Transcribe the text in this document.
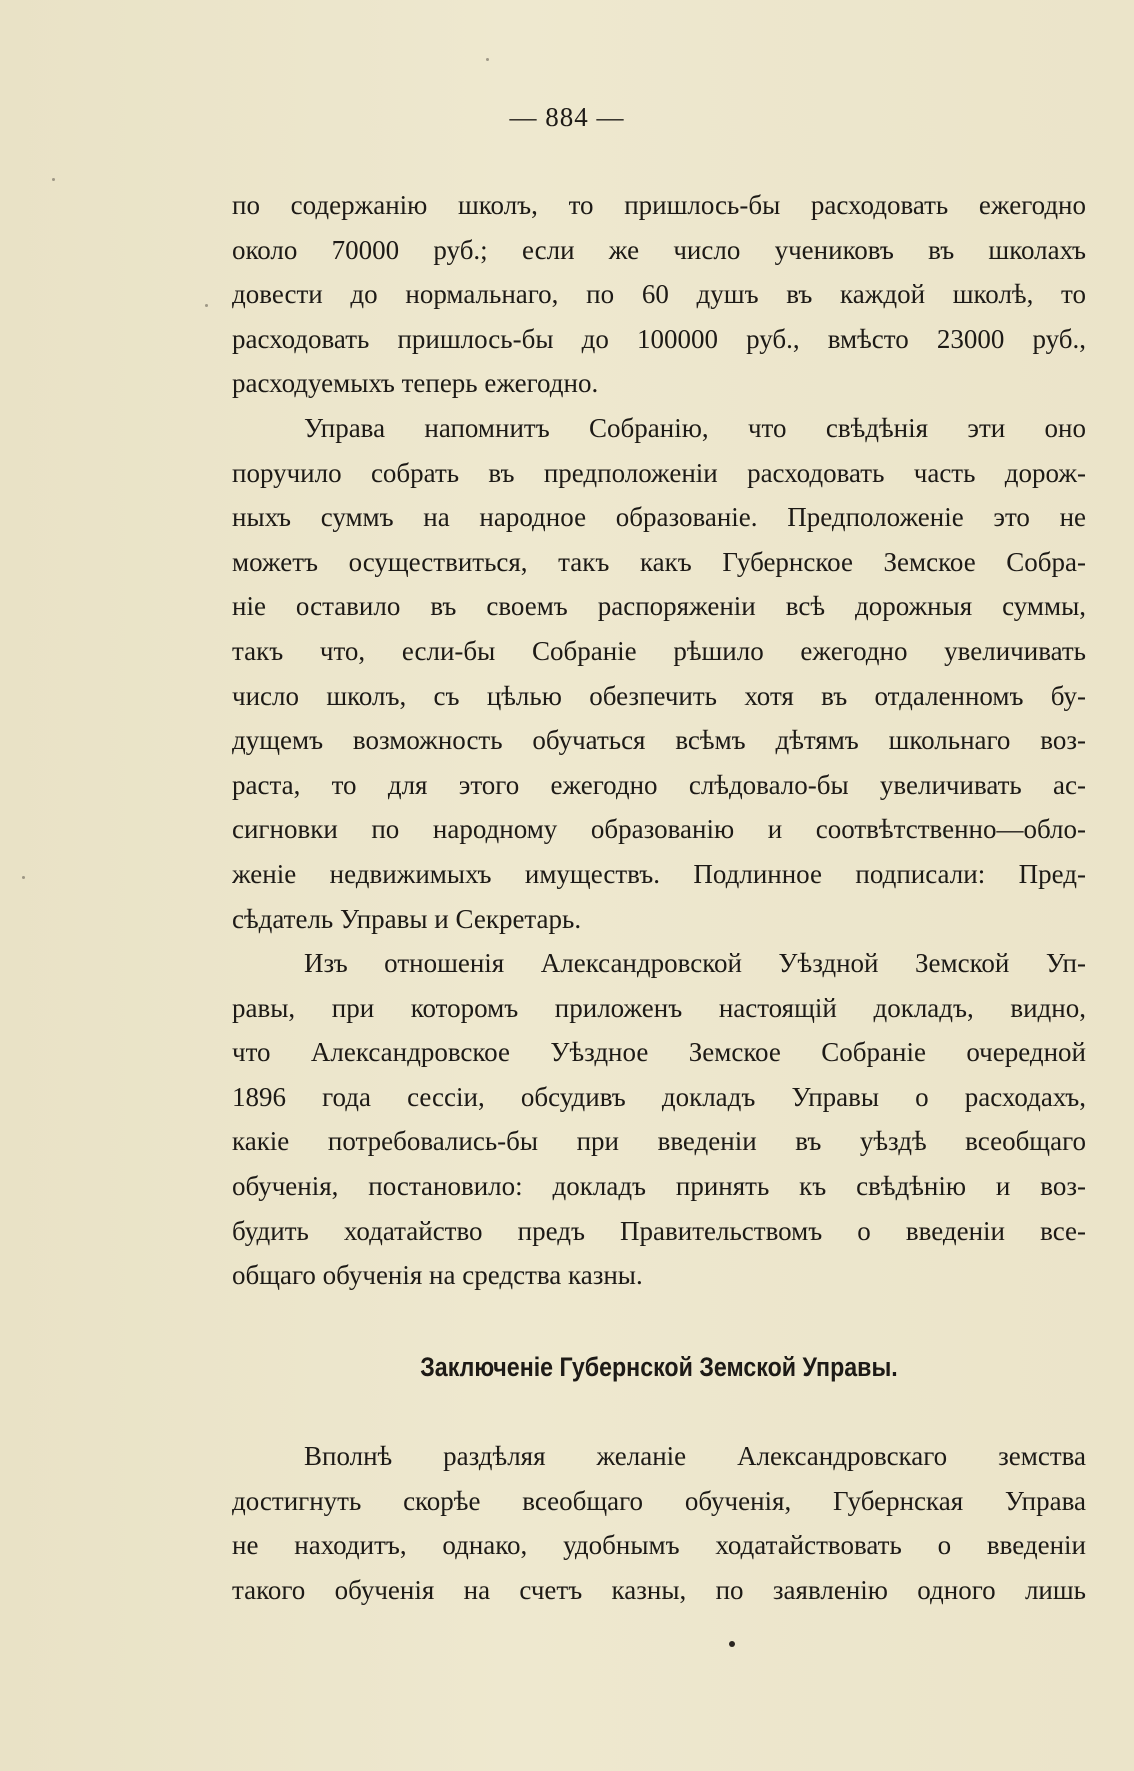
— 884 —
по содержанію школъ, то пришлось-бы расходовать ежегодно
около 70000 руб.; если же число учениковъ въ школахъ
довести до нормальнаго, по 60 душъ въ каждой школѣ, то
расходовать пришлось-бы до 100000 руб., вмѣсто 23000 руб.,
расходуемыхъ теперь ежегодно.
Управа напомнитъ Собранію, что свѣдѣнія эти оно
поручило собрать въ предположеніи расходовать часть дорож-
ныхъ суммъ на народное образованіе. Предположеніе это не
можетъ осуществиться, такъ какъ Губернское Земское Собра-
ніе оставило въ своемъ распоряженіи всѣ дорожныя суммы,
такъ что, если-бы Собраніе рѣшило ежегодно увеличивать
число школъ, съ цѣлью обезпечить хотя въ отдаленномъ бу-
дущемъ возможность обучаться всѣмъ дѣтямъ школьнаго воз-
раста, то для этого ежегодно слѣдовало-бы увеличивать ас-
сигновки по народному образованію и соотвѣтственно—обло-
женіе недвижимыхъ имуществъ. Подлинное подписали: Пред-
сѣдатель Управы и Секретарь.
Изъ отношенія Александровской Уѣздной Земской Уп-
равы, при которомъ приложенъ настоящій докладъ, видно,
что Александровское Уѣздное Земское Собраніе очередной
1896 года сессіи, обсудивъ докладъ Управы о расходахъ,
какіе потребовались-бы при введеніи въ уѣздѣ всеобщаго
обученія, постановило: докладъ принять къ свѣдѣнію и воз-
будить ходатайство предъ Правительствомъ о введеніи все-
общаго обученія на средства казны.
Заключеніе Губернской Земской Управы.
Вполнѣ раздѣляя желаніе Александровскаго земства
достигнуть скорѣе всеобщаго обученія, Губернская Управа
не находитъ, однако, удобнымъ ходатайствовать о введеніи
такого обученія на счетъ казны, по заявленію одного лишь
